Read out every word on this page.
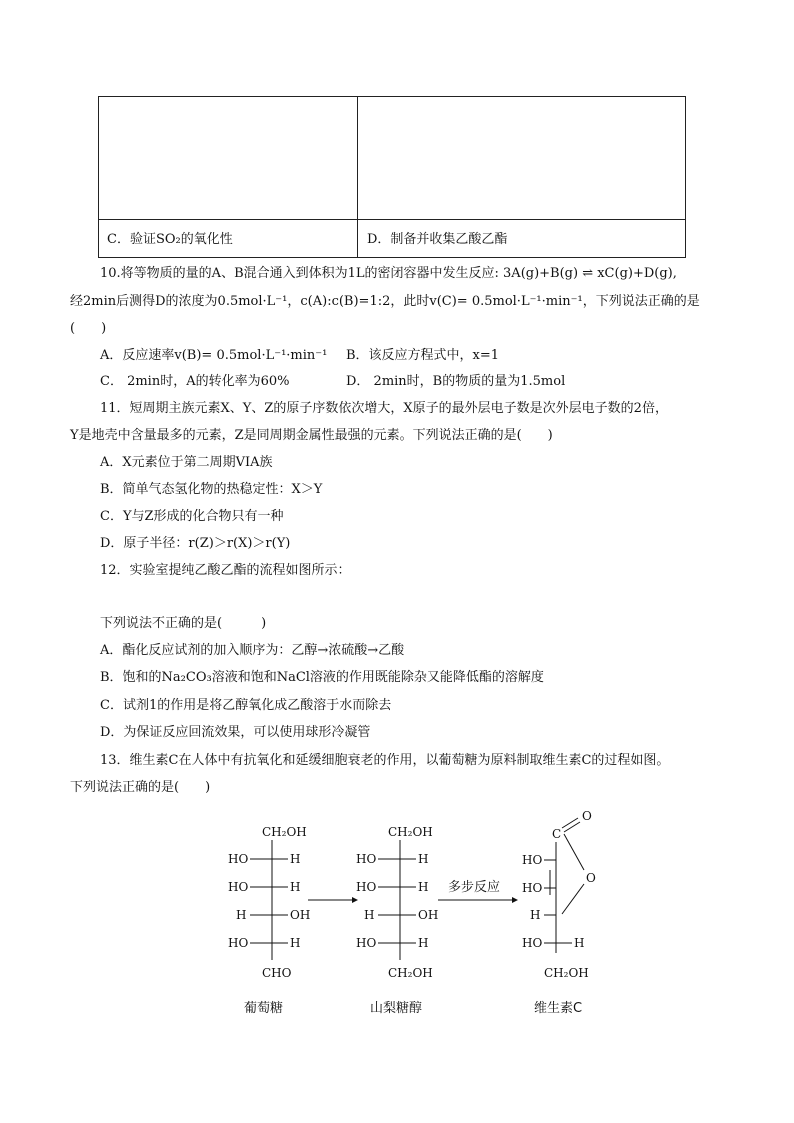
C．验证SO₂的氧化性	D．制备并收集乙酸乙酯
10.将等物质的量的A、B混合通入到体积为1L的密闭容器中发生反应: 3A(g)+B(g) ⇌ xC(g)+D(g),
经2min后测得D的浓度为0.5mol·L⁻¹，c(A):c(B)=1:2，此时v(C)= 0.5mol·L⁻¹·min⁻¹，下列说法正确的是
(　　)
A．反应速率v(B)= 0.5mol·L⁻¹·min⁻¹ B．该反应方程式中，x=1
C． 2min时，A的转化率为60%	D． 2min时，B的物质的量为1.5mol
11．短周期主族元素X、Y、Z的原子序数依次增大，X原子的最外层电子数是次外层电子数的2倍，
Y是地壳中含量最多的元素，Z是同周期金属性最强的元素。下列说法正确的是(　　)
A．X元素位于第二周期VIA族
B．简单气态氢化物的热稳定性：X＞Y
C．Y与Z形成的化合物只有一种
D．原子半径：r(Z)＞r(X)＞r(Y)
12．实验室提纯乙酸乙酯的流程如图所示：
下列说法不正确的是(　　　)
A．酯化反应试剂的加入顺序为：乙醇→浓硫酸→乙酸
B．饱和的Na₂CO₃溶液和饱和NaCl溶液的作用既能除杂又能降低酯的溶解度
C．试剂1的作用是将乙醇氧化成乙酸溶于水而除去
D．为保证反应回流效果，可以使用球形冷凝管
13．维生素C在人体中有抗氧化和延缓细胞衰老的作用，以葡萄糖为原料制取维生素C的过程如图。
下列说法正确的是(　　)
CH₂OH
HO	H
HO	H
H	OH
HO	H
CHO
葡萄糖
CH₂OH
HO	H
HO	H
H	OH
HO	H
CH₂OH
山梨糖醇
多步反应
O
C
HO
HO
O
H
HO	H
CH₂OH
维生素C
